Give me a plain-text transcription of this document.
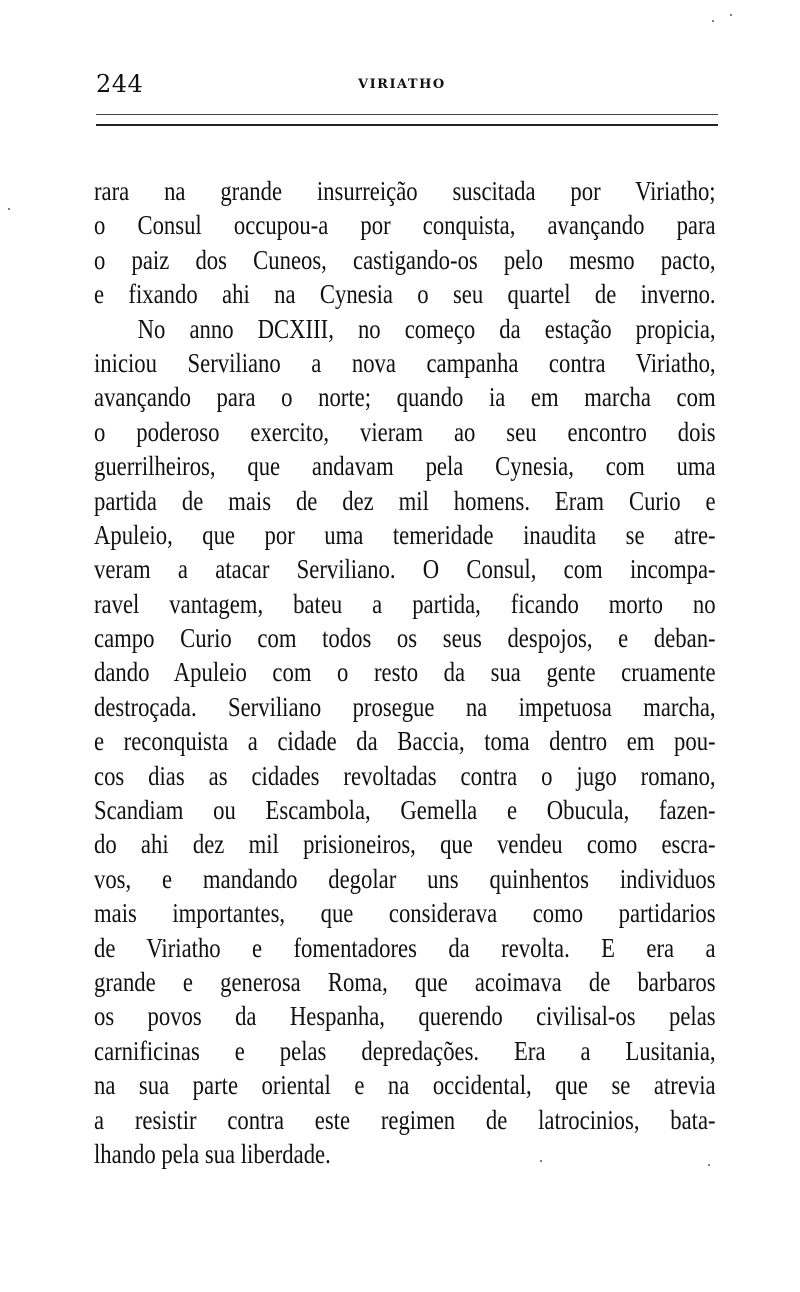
244	VIRIATHO
rara na grande insurreição suscitada por Viriatho;
o Consul occupou-a por conquista, avançando para
o paiz dos Cuneos, castigando-os pelo mesmo pacto,
e fixando ahi na Cynesia o seu quartel de inverno.
No anno DCXIII, no começo da estação propicia,
iniciou Serviliano a nova campanha contra Viriatho,
avançando para o norte; quando ia em marcha com
o poderoso exercito, vieram ao seu encontro dois
guerrilheiros, que andavam pela Cynesia, com uma
partida de mais de dez mil homens. Eram Curio e
Apuleio, que por uma temeridade inaudita se atre-
veram a atacar Serviliano. O Consul, com incompa-
ravel vantagem, bateu a partida, ficando morto no
campo Curio com todos os seus despojos, e deban-
dando Apuleio com o resto da sua gente cruamente
destroçada. Serviliano prosegue na impetuosa marcha,
e reconquista a cidade da Baccia, toma dentro em pou-
cos dias as cidades revoltadas contra o jugo romano,
Scandiam ou Escambola, Gemella e Obucula, fazen-
do ahi dez mil prisioneiros, que vendeu como escra-
vos, e mandando degolar uns quinhentos individuos
mais importantes, que considerava como partidarios
de Viriatho e fomentadores da revolta. E era a
grande e generosa Roma, que acoimava de barbaros
os povos da Hespanha, querendo civilisal-os pelas
carnificinas e pelas depredações. Era a Lusitania,
na sua parte oriental e na occidental, que se atrevia
a resistir contra este regimen de latrocinios, bata-
lhando pela sua liberdade.
